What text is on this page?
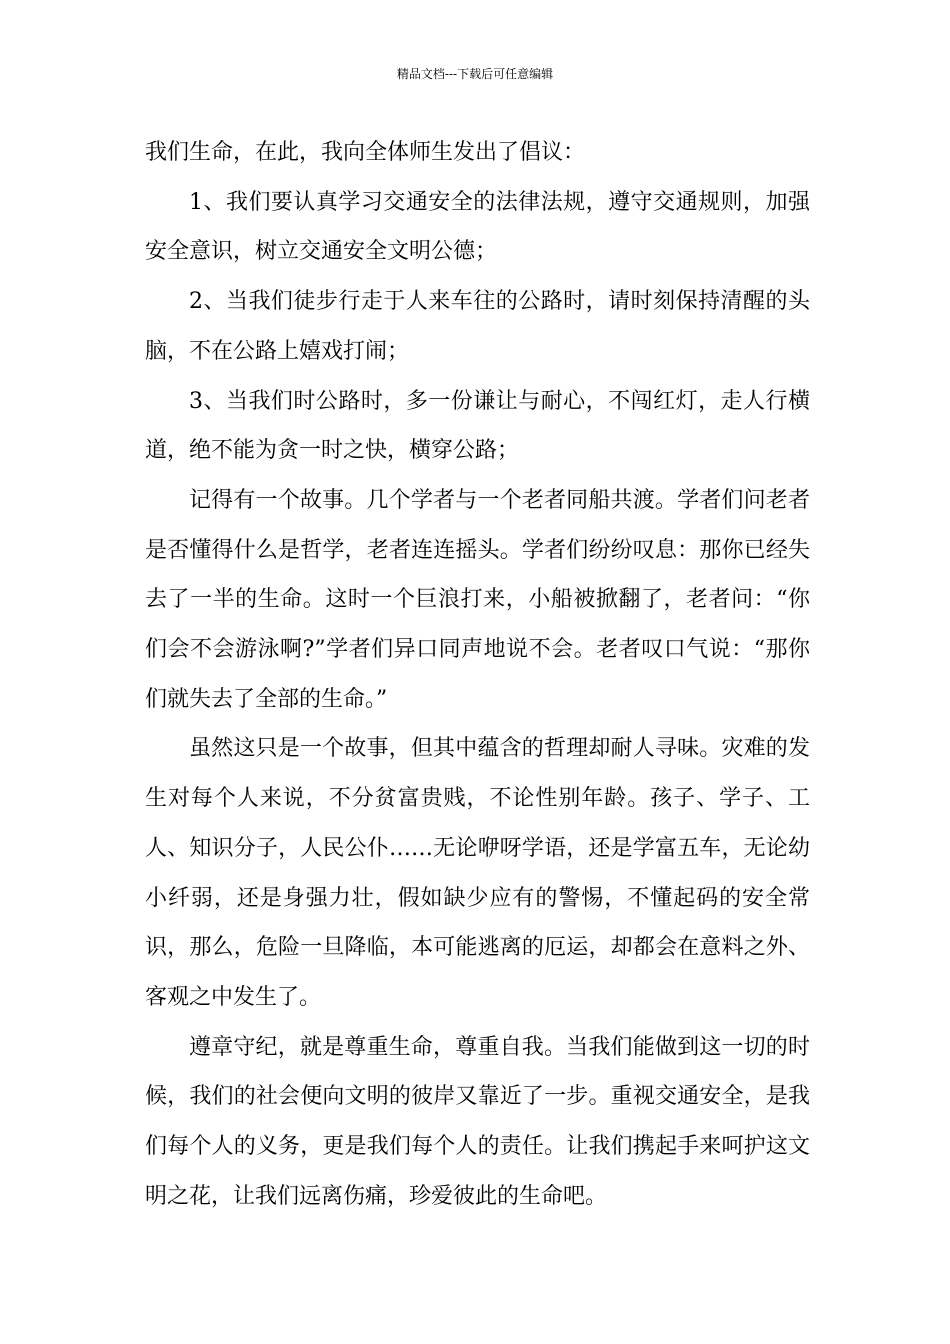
精品文档---下载后可任意编辑

我们生命，在此，我向全体师生发出了倡议：

1、我们要认真学习交通安全的法律法规，遵守交通规则，加强安全意识，树立交通安全文明公德；

2、当我们徒步行走于人来车往的公路时，请时刻保持清醒的头脑，不在公路上嬉戏打闹；

3、当我们时公路时，多一份谦让与耐心，不闯红灯，走人行横道，绝不能为贪一时之快，横穿公路；

记得有一个故事。几个学者与一个老者同船共渡。学者们问老者是否懂得什么是哲学，老者连连摇头。学者们纷纷叹息：那你已经失去了一半的生命。这时一个巨浪打来，小船被掀翻了，老者问：“你们会不会游泳啊?”学者们异口同声地说不会。老者叹口气说：“那你们就失去了全部的生命。”

虽然这只是一个故事，但其中蕴含的哲理却耐人寻味。灾难的发生对每个人来说，不分贫富贵贱，不论性别年龄。孩子、学子、工人、知识分子，人民公仆……无论咿呀学语，还是学富五车，无论幼小纤弱，还是身强力壮，假如缺少应有的警惕，不懂起码的安全常识，那么，危险一旦降临，本可能逃离的厄运，却都会在意料之外、客观之中发生了。

遵章守纪，就是尊重生命，尊重自我。当我们能做到这一切的时候，我们的社会便向文明的彼岸又靠近了一步。重视交通安全，是我们每个人的义务，更是我们每个人的责任。让我们携起手来呵护这文明之花，让我们远离伤痛，珍爱彼此的生命吧。
